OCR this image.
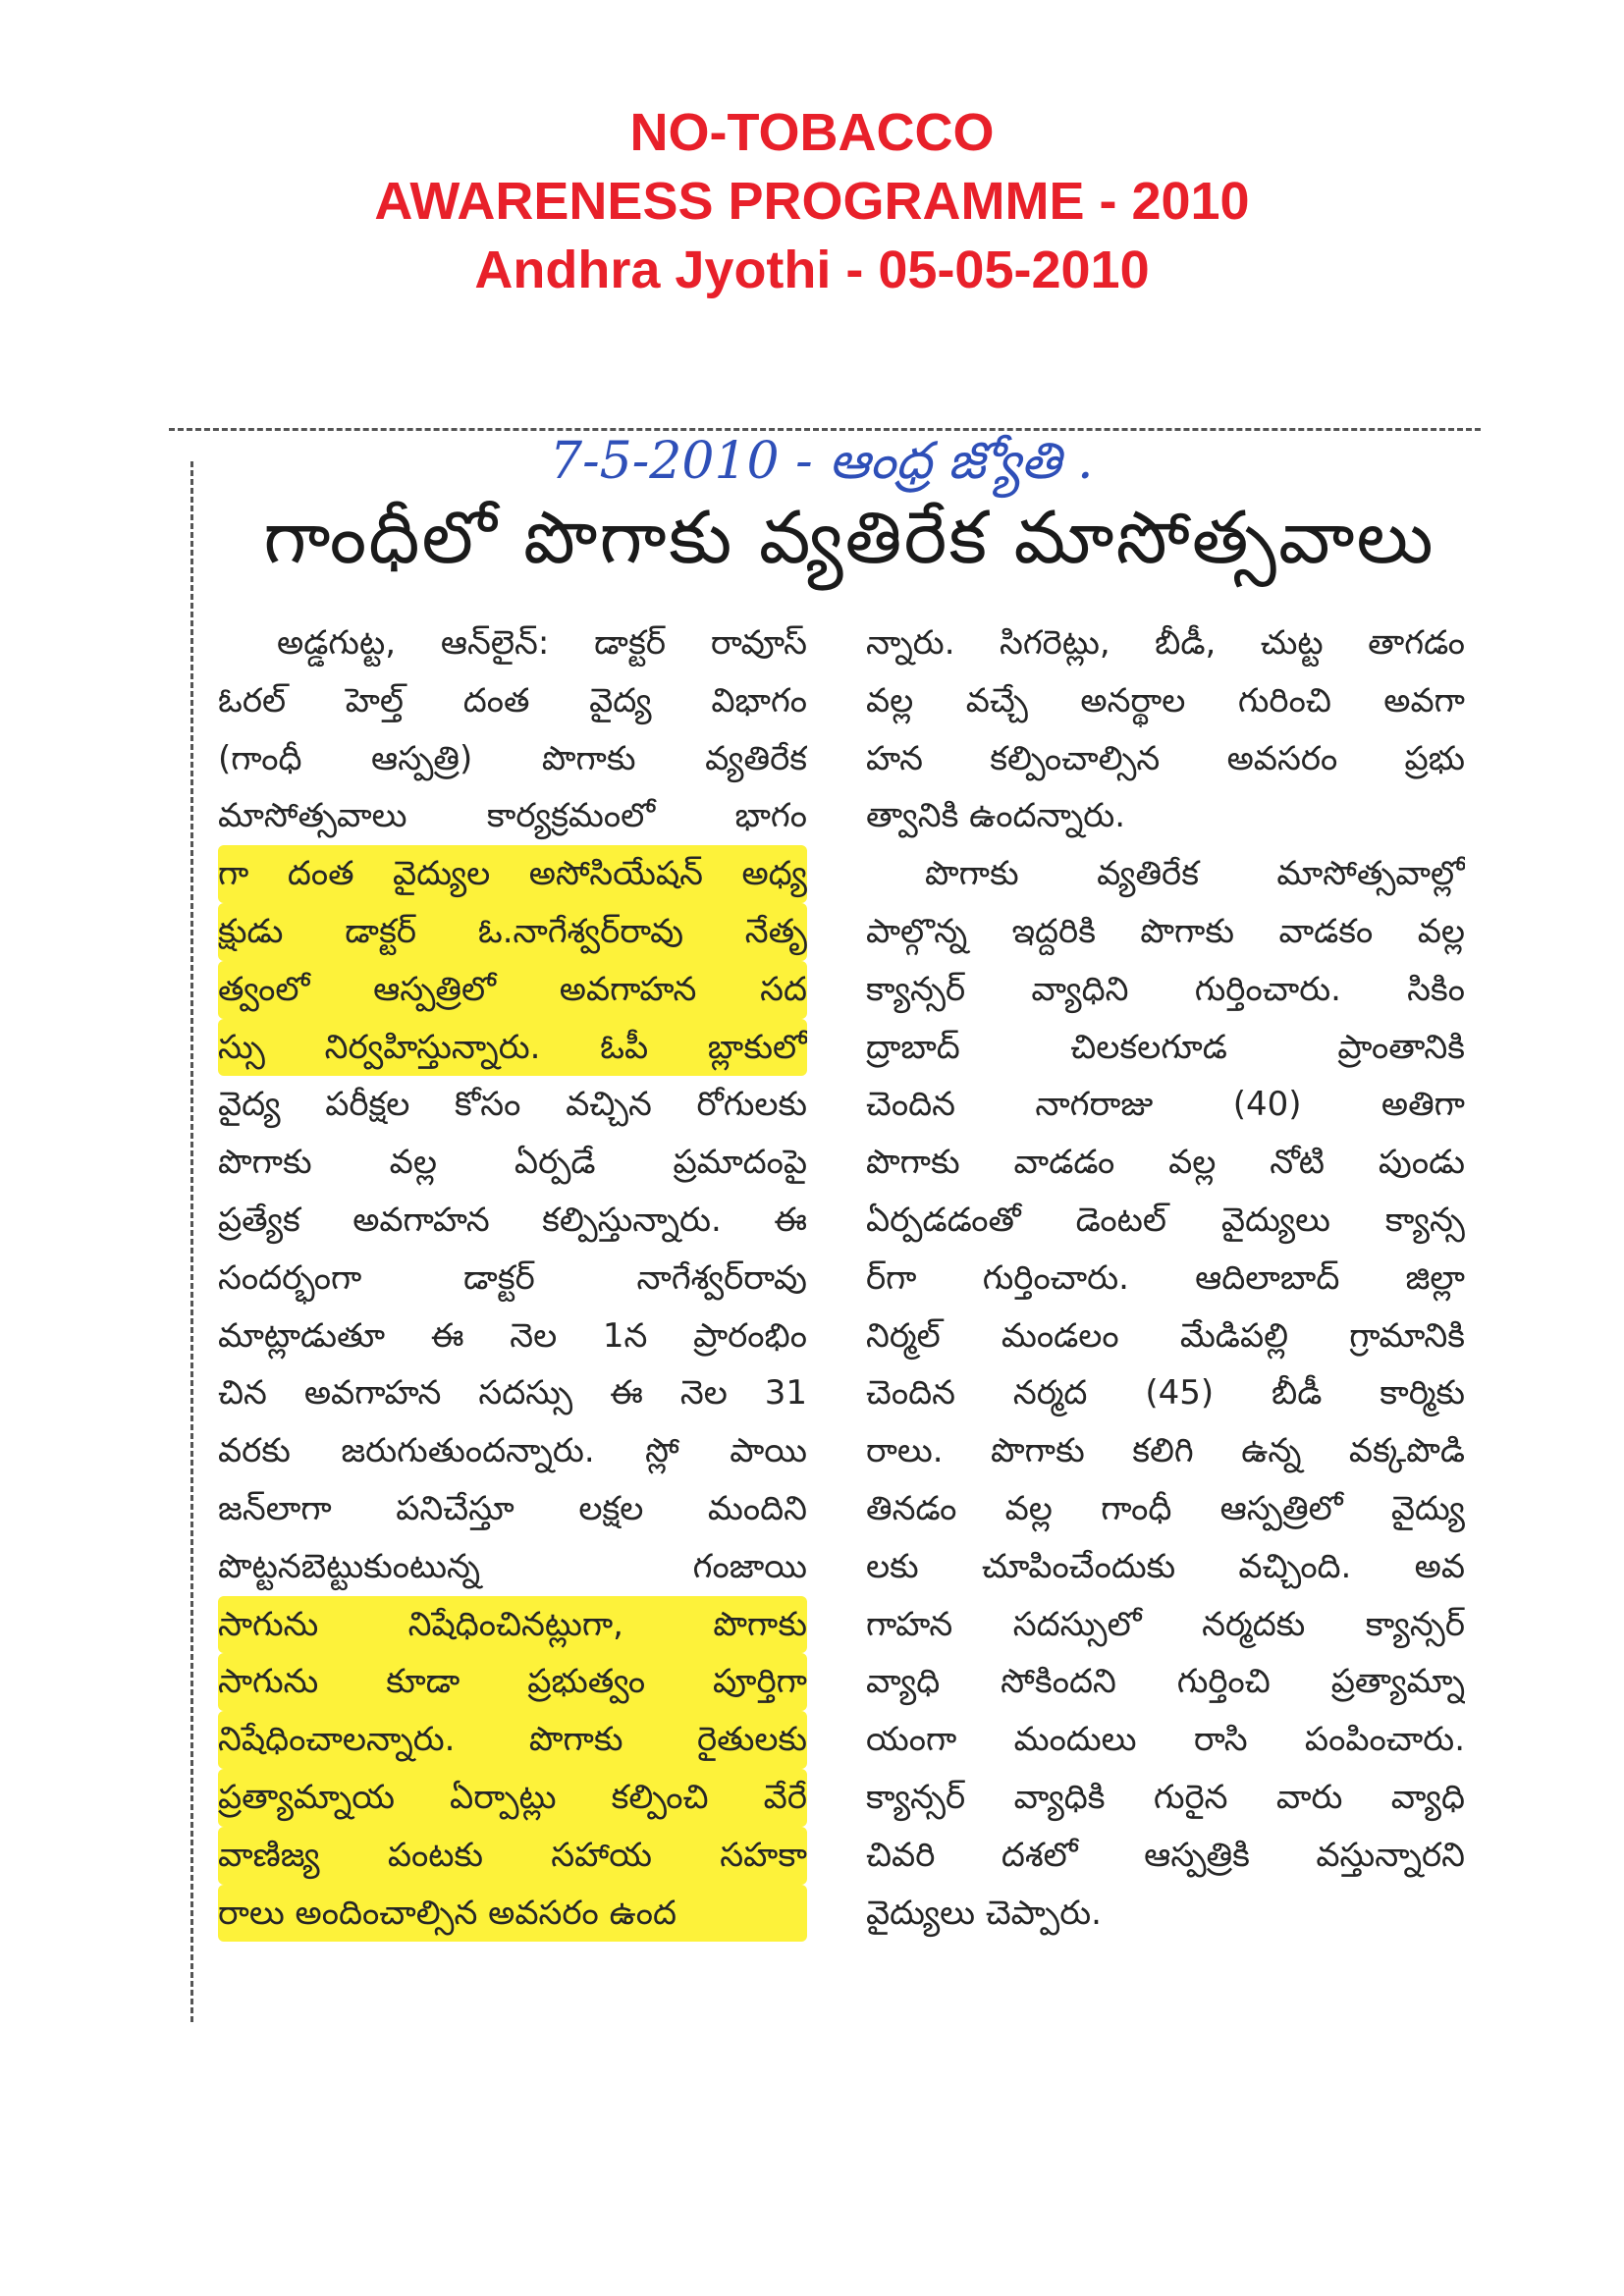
NO-TOBACCO
AWARENESS PROGRAMME - 2010
Andhra Jyothi - 05-05-2010
7-5-2010 - ఆంధ్ర జ్యోతి .
గాంధీలో పొగాకు వ్యతిరేక మాసోత్సవాలు
అడ్డగుట్ట, ఆన్‌లైన్: డాక్టర్ రావూస్
ఓరల్ హెల్త్ దంత వైద్య విభాగం
(గాంధీ ఆస్పత్రి) పొగాకు వ్యతిరేక
మాసోత్సవాలు కార్యక్రమంలో భాగం
గా దంత వైద్యుల అసోసియేషన్ అధ్య
క్షుడు డాక్టర్ ఓ.నాగేశ్వర్‌రావు నేతృ
త్వంలో ఆస్పత్రిలో అవగాహన సద
స్సు నిర్వహిస్తున్నారు. ఓపీ బ్లాకులో
వైద్య పరీక్షల కోసం వచ్చిన రోగులకు
పొగాకు వల్ల ఏర్పడే ప్రమాదంపై
ప్రత్యేక అవగాహన కల్పిస్తున్నారు. ఈ
సందర్భంగా డాక్టర్ నాగేశ్వర్‌రావు
మాట్లాడుతూ ఈ నెల 1న ప్రారంభిం
చిన అవగాహన సదస్సు ఈ నెల 31
వరకు జరుగుతుందన్నారు. స్లో పాయి
జన్‌లాగా పనిచేస్తూ లక్షల మందిని
పొట్టనబెట్టుకుంటున్న గంజాయి
సాగును నిషేధించినట్లుగా, పొగాకు
సాగును కూడా ప్రభుత్వం పూర్తిగా
నిషేధించాలన్నారు. పొగాకు రైతులకు
ప్రత్యామ్నాయ ఏర్పాట్లు కల్పించి వేరే
వాణిజ్య పంటకు సహాయ సహకా
రాలు అందించాల్సిన అవసరం ఉంద
న్నారు. సిగరెట్లు, బీడీ, చుట్ట తాగడం
వల్ల వచ్చే అనర్థాల గురించి అవగా
హన కల్పించాల్సిన అవసరం ప్రభు
త్వానికి ఉందన్నారు.
పొగాకు వ్యతిరేక మాసోత్సవాల్లో
పాల్గొన్న ఇద్దరికి పొగాకు వాడకం వల్ల
క్యాన్సర్ వ్యాధిని గుర్తించారు. సికిం
ద్రాబాద్ చిలకలగూడ ప్రాంతానికి
చెందిన నాగరాజు (40) అతిగా
పొగాకు వాడడం వల్ల నోటి పుండు
ఏర్పడడంతో డెంటల్ వైద్యులు క్యాన్స
ర్‌గా గుర్తించారు. ఆదిలాబాద్ జిల్లా
నిర్మల్ మండలం మేడిపల్లి గ్రామానికి
చెందిన నర్మద (45) బీడీ కార్మికు
రాలు. పొగాకు కలిగి ఉన్న వక్కపొడి
తినడం వల్ల గాంధీ ఆస్పత్రిలో వైద్యు
లకు చూపించేందుకు వచ్చింది. అవ
గాహన సదస్సులో నర్మదకు క్యాన్సర్
వ్యాధి సోకిందని గుర్తించి ప్రత్యామ్నా
యంగా మందులు రాసి పంపించారు.
క్యాన్సర్ వ్యాధికి గురైన వారు వ్యాధి
చివరి దశలో ఆస్పత్రికి వస్తున్నారని
వైద్యులు చెప్పారు.
